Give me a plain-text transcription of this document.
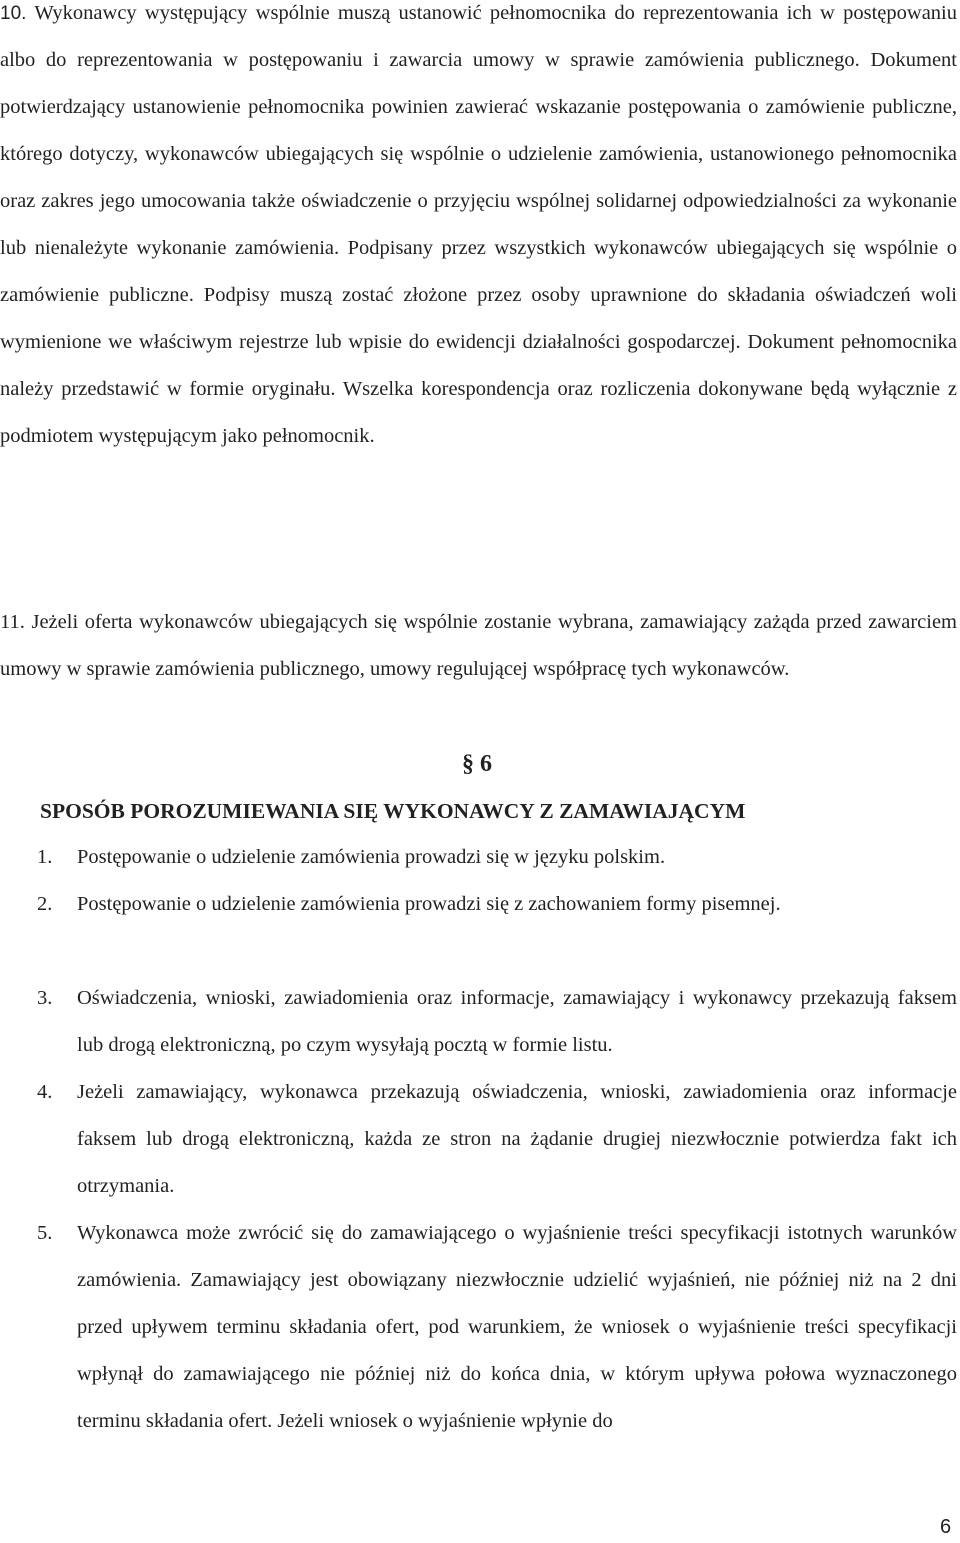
10. Wykonawcy występujący wspólnie muszą ustanowić pełnomocnika do reprezentowania ich w postępowaniu albo do reprezentowania w postępowaniu i zawarcia umowy w sprawie zamówienia publicznego. Dokument potwierdzający ustanowienie pełnomocnika powinien zawierać wskazanie postępowania o zamówienie publiczne, którego dotyczy, wykonawców ubiegających się wspólnie o udzielenie zamówienia, ustanowionego pełnomocnika oraz zakres jego umocowania także oświadczenie o przyjęciu wspólnej solidarnej odpowiedzialności za wykonanie lub nienależyte wykonanie zamówienia. Podpisany przez wszystkich wykonawców ubiegających się wspólnie o zamówienie publiczne. Podpisy muszą zostać złożone przez osoby uprawnione do składania oświadczeń woli wymienione we właściwym rejestrze lub wpisie do ewidencji działalności gospodarczej. Dokument pełnomocnika należy przedstawić w formie oryginału. Wszelka korespondencja oraz rozliczenia dokonywane będą wyłącznie z podmiotem występującym jako pełnomocnik.

11. Jeżeli oferta wykonawców ubiegających się wspólnie zostanie wybrana, zamawiający zażąda przed zawarciem umowy w sprawie zamówienia publicznego, umowy regulującej współpracę tych wykonawców.

§ 6
SPOSÓB POROZUMIEWANIA SIĘ WYKONAWCY Z ZAMAWIAJĄCYM
1. Postępowanie o udzielenie zamówienia prowadzi się w języku polskim.

2. Postępowanie o udzielenie zamówienia prowadzi się z zachowaniem formy pisemnej.

3. Oświadczenia, wnioski, zawiadomienia oraz informacje, zamawiający i wykonawcy przekazują faksem lub drogą elektroniczną, po czym wysyłają pocztą w formie listu.

4. Jeżeli zamawiający, wykonawca przekazują oświadczenia, wnioski, zawiadomienia oraz informacje faksem lub drogą elektroniczną, każda ze stron na żądanie drugiej niezwłocznie potwierdza fakt ich otrzymania.

5. Wykonawca może zwrócić się do zamawiającego o wyjaśnienie treści specyfikacji istotnych warunków zamówienia. Zamawiający jest obowiązany niezwłocznie udzielić wyjaśnień, nie później niż na 2 dni przed upływem terminu składania ofert, pod warunkiem, że wniosek o wyjaśnienie treści specyfikacji wpłynął do zamawiającego nie później niż do końca dnia, w którym upływa połowa wyznaczonego terminu składania ofert. Jeżeli wniosek o wyjaśnienie wpłynie do

6
